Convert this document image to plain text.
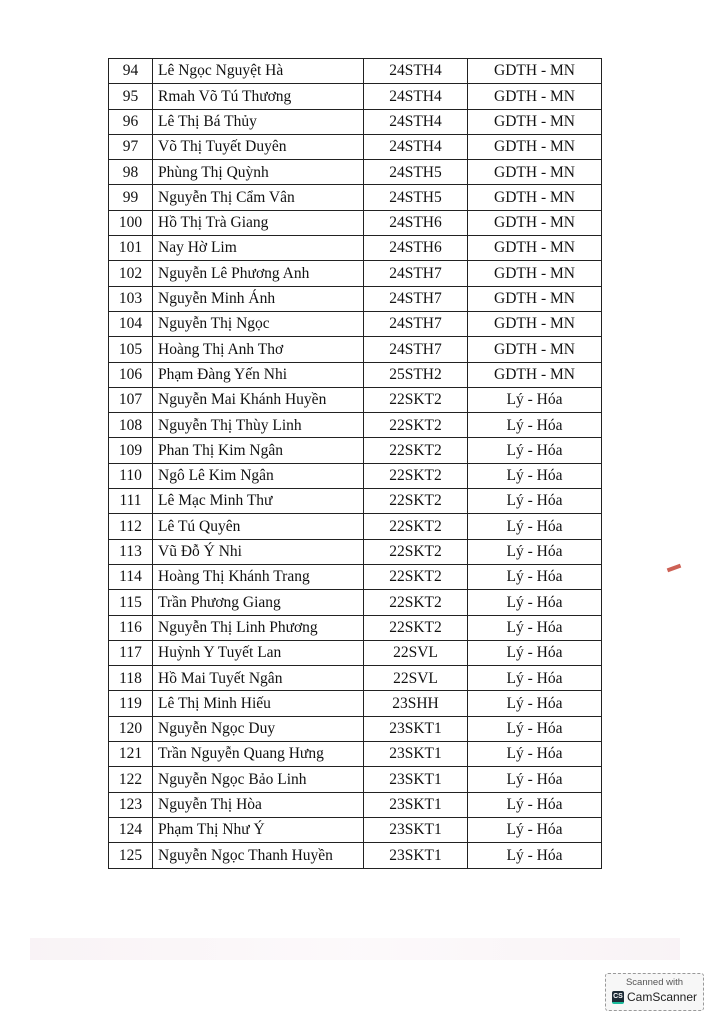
94	Lê Ngọc Nguyệt Hà	24STH4	GDTH - MN
95	Rmah Võ Tú Thương	24STH4	GDTH - MN
96	Lê Thị Bá Thủy	24STH4	GDTH - MN
97	Võ Thị Tuyết Duyên	24STH4	GDTH - MN
98	Phùng Thị Quỳnh	24STH5	GDTH - MN
99	Nguyễn Thị Cẩm Vân	24STH5	GDTH - MN
100	Hồ Thị Trà Giang	24STH6	GDTH - MN
101	Nay Hờ Lim	24STH6	GDTH - MN
102	Nguyễn Lê Phương Anh	24STH7	GDTH - MN
103	Nguyễn Minh Ánh	24STH7	GDTH - MN
104	Nguyễn Thị Ngọc	24STH7	GDTH - MN
105	Hoàng Thị Anh Thơ	24STH7	GDTH - MN
106	Phạm Đàng Yến Nhi	25STH2	GDTH - MN
107	Nguyễn Mai Khánh Huyền	22SKT2	Lý - Hóa
108	Nguyễn Thị Thùy Linh	22SKT2	Lý - Hóa
109	Phan Thị Kim Ngân	22SKT2	Lý - Hóa
110	Ngô Lê Kim Ngân	22SKT2	Lý - Hóa
111	Lê Mạc Minh Thư	22SKT2	Lý - Hóa
112	Lê Tú Quyên	22SKT2	Lý - Hóa
113	Vũ Đỗ Ý Nhi	22SKT2	Lý - Hóa
114	Hoàng Thị Khánh Trang	22SKT2	Lý - Hóa
115	Trần Phương Giang	22SKT2	Lý - Hóa
116	Nguyễn Thị Linh Phương	22SKT2	Lý - Hóa
117	Huỳnh Y Tuyết Lan	22SVL	Lý - Hóa
118	Hồ Mai Tuyết Ngân	22SVL	Lý - Hóa
119	Lê Thị Minh Hiếu	23SHH	Lý - Hóa
120	Nguyễn Ngọc Duy	23SKT1	Lý - Hóa
121	Trần Nguyễn Quang Hưng	23SKT1	Lý - Hóa
122	Nguyễn Ngọc Bảo Linh	23SKT1	Lý - Hóa
123	Nguyễn Thị Hòa	23SKT1	Lý - Hóa
124	Phạm Thị Như Ý	23SKT1	Lý - Hóa
125	Nguyễn Ngọc Thanh Huyền	23SKT1	Lý - Hóa
Scanned with
CS CamScanner
